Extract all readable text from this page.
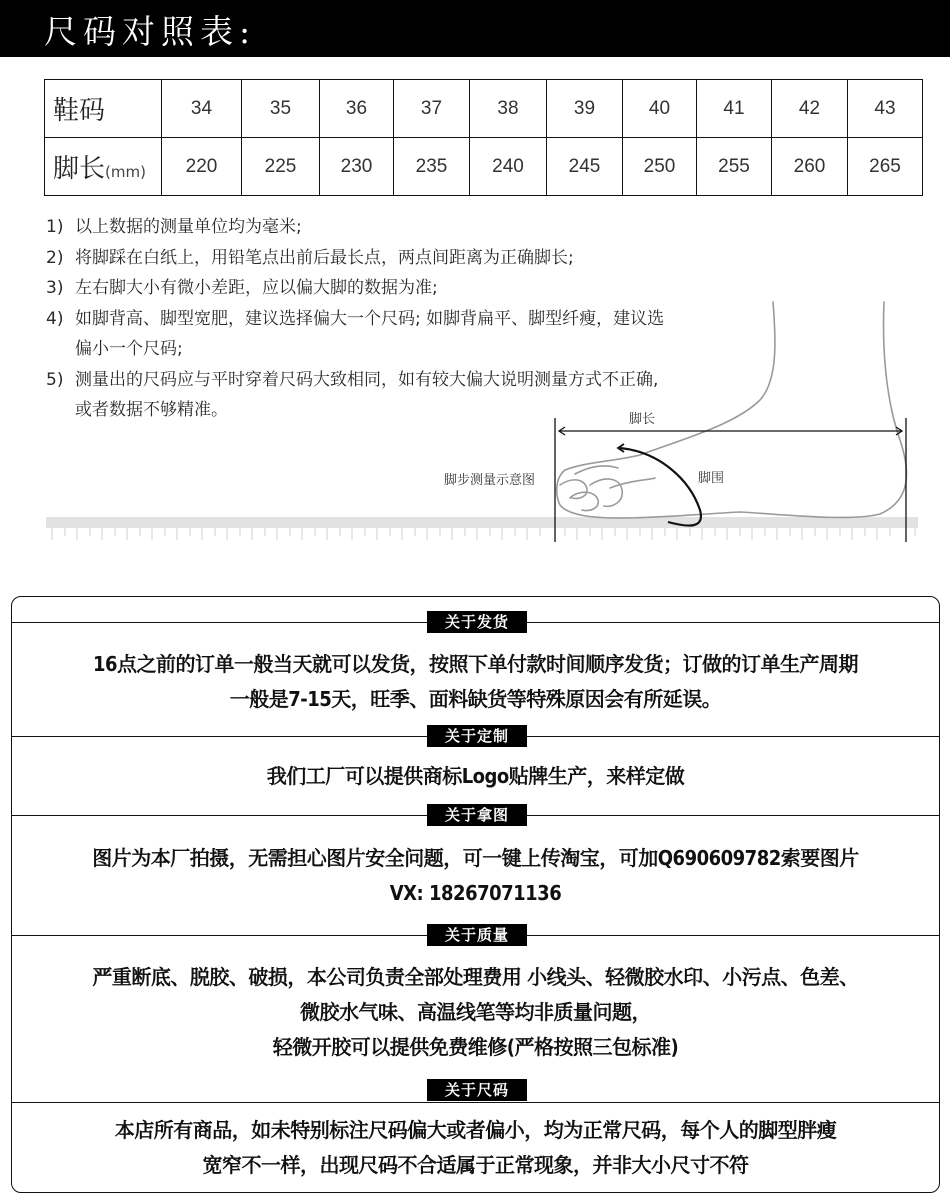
尺码对照表:
鞋码	34	35	36	37	38	39	40	41	42	43
脚长(mm)	220	225	230	235	240	245	250	255	260	265
脚长
脚围
脚步测量示意图
1) 以上数据的测量单位均为毫米;
2) 将脚踩在白纸上，用铅笔点出前后最长点，两点间距离为正确脚长;
3) 左右脚大小有微小差距，应以偏大脚的数据为准;
4) 如脚背高、脚型宽肥，建议选择偏大一个尺码; 如脚背扁平、脚型纤瘦，建议选
偏小一个尺码;
5) 测量出的尺码应与平时穿着尺码大致相同，如有较大偏大说明测量方式不正确,
或者数据不够精准。
关于发货
16点之前的订单一般当天就可以发货，按照下单付款时间顺序发货；订做的订单生产周期
一般是7-15天，旺季、面料缺货等特殊原因会有所延误。
关于定制
我们工厂可以提供商标Logo贴牌生产，来样定做
关于拿图
图片为本厂拍摄，无需担心图片安全问题，可一键上传淘宝，可加Q690609782索要图片
VX: 18267071136
关于质量
严重断底、脱胶、破损，本公司负责全部处理费用 小线头、轻微胶水印、小污点、色差、
微胶水气味、高温线笔等均非质量问题，
轻微开胶可以提供免费维修(严格按照三包标准)
关于尺码
本店所有商品，如未特别标注尺码偏大或者偏小，均为正常尺码，每个人的脚型胖瘦
宽窄不一样，出现尺码不合适属于正常现象，并非大小尺寸不符
